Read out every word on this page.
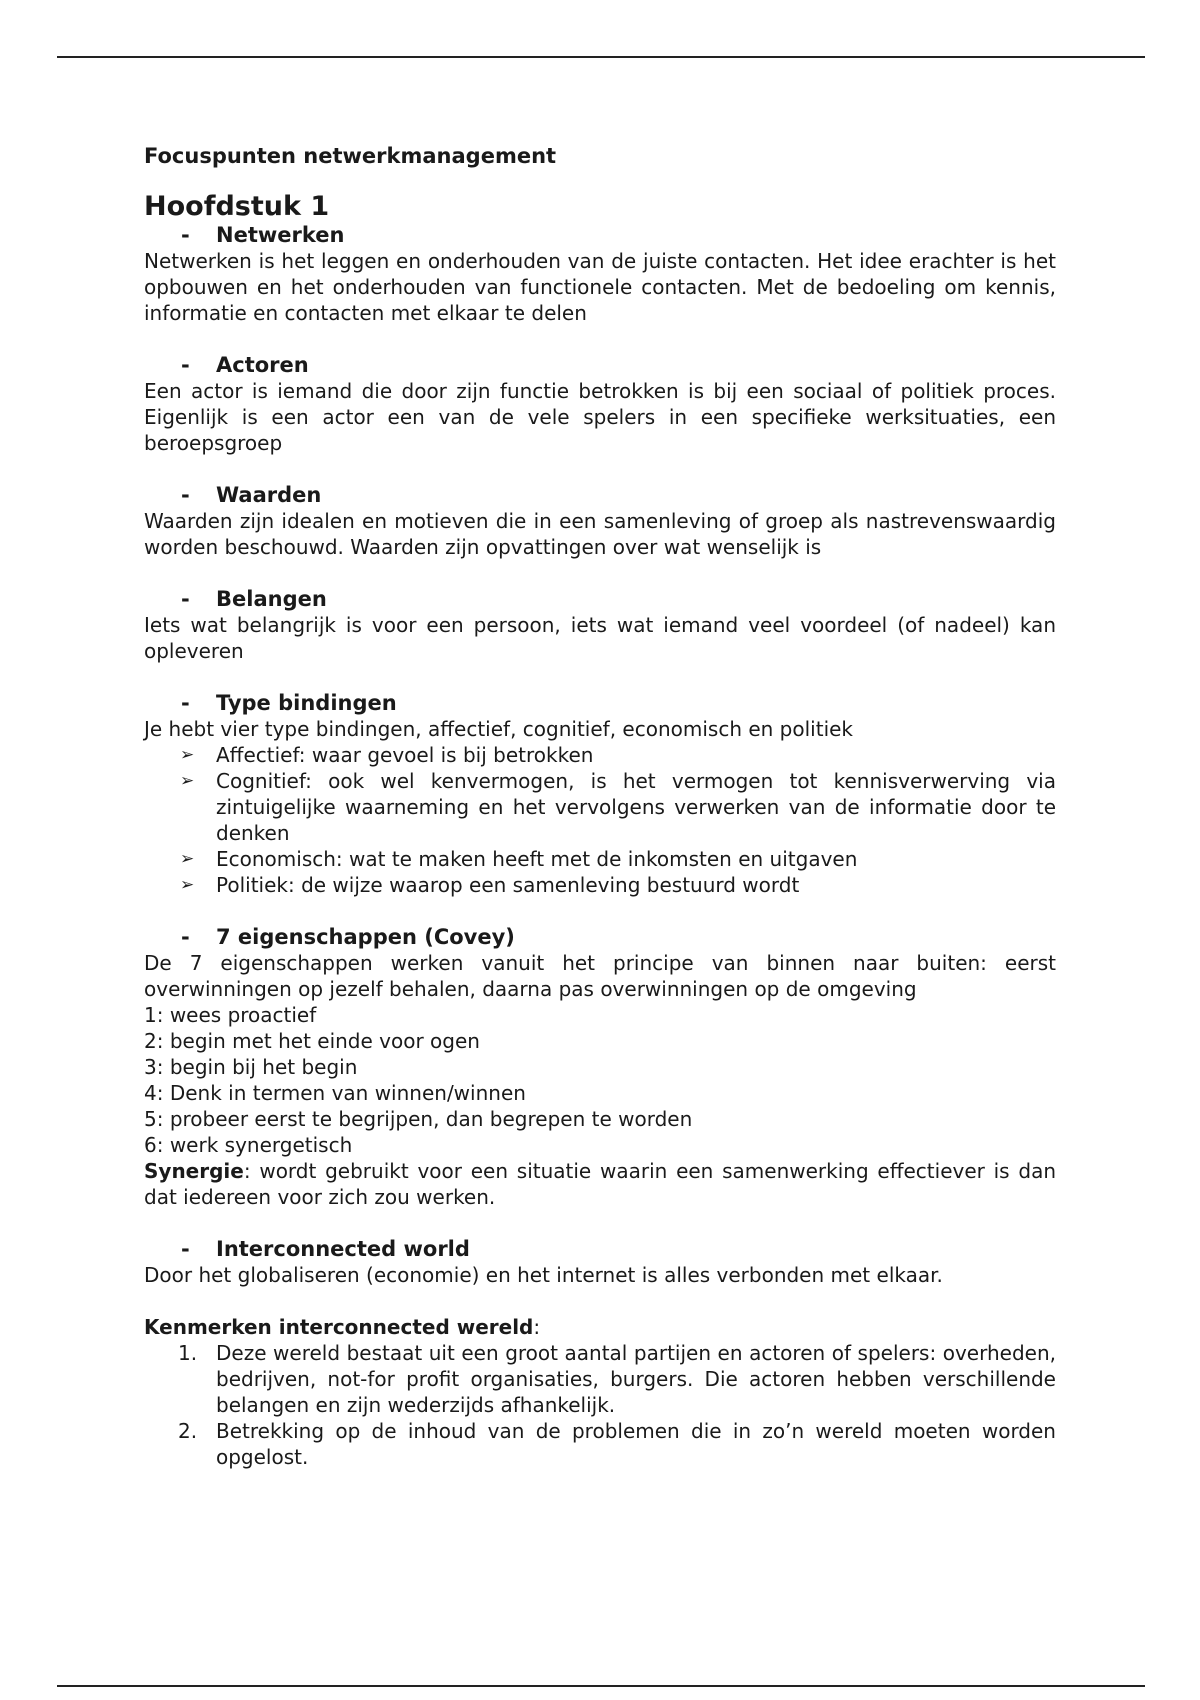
Focuspunten netwerkmanagement

Hoofdstuk 1
-	Netwerken

Netwerken is het leggen en onderhouden van de juiste contacten. Het idee erachter is het opbouwen en het onderhouden van functionele contacten. Met de bedoeling om kennis, informatie en contacten met elkaar te delen

-	Actoren

Een actor is iemand die door zijn functie betrokken is bij een sociaal of politiek proces. Eigenlijk is een actor een van de vele spelers in een specifieke werksituaties, een beroepsgroep

-	Waarden

Waarden zijn idealen en motieven die in een samenleving of groep als nastrevenswaardig worden beschouwd. Waarden zijn opvattingen over wat wenselijk is

-	Belangen

Iets wat belangrijk is voor een persoon, iets wat iemand veel voordeel (of nadeel) kan opleveren

-	Type bindingen

Je hebt vier type bindingen, affectief, cognitief, economisch en politiek

➢	Affectief: waar gevoel is bij betrokken
➢	Cognitief: ook wel kenvermogen, is het vermogen tot kennisverwerving via zintuigelijke waarneming en het vervolgens verwerken van de informatie door te denken
➢	Economisch: wat te maken heeft met de inkomsten en uitgaven
➢	Politiek: de wijze waarop een samenleving bestuurd wordt
-	7 eigenschappen (Covey)

De 7 eigenschappen werken vanuit het principe van binnen naar buiten: eerst overwinningen op jezelf behalen, daarna pas overwinningen op de omgeving

1: wees proactief

2: begin met het einde voor ogen

3: begin bij het begin

4: Denk in termen van winnen/winnen

5: probeer eerst te begrijpen, dan begrepen te worden

6: werk synergetisch

Synergie: wordt gebruikt voor een situatie waarin een samenwerking effectiever is dan dat iedereen voor zich zou werken.

-	Interconnected world

Door het globaliseren (economie) en het internet is alles verbonden met elkaar.

Kenmerken interconnected wereld:
1. Deze wereld bestaat uit een groot aantal partijen en actoren of spelers: overheden, bedrijven, not-for profit organisaties, burgers. Die actoren hebben verschillende belangen en zijn wederzijds afhankelijk.
2. Betrekking op de inhoud van de problemen die in zo’n wereld moeten worden opgelost.
